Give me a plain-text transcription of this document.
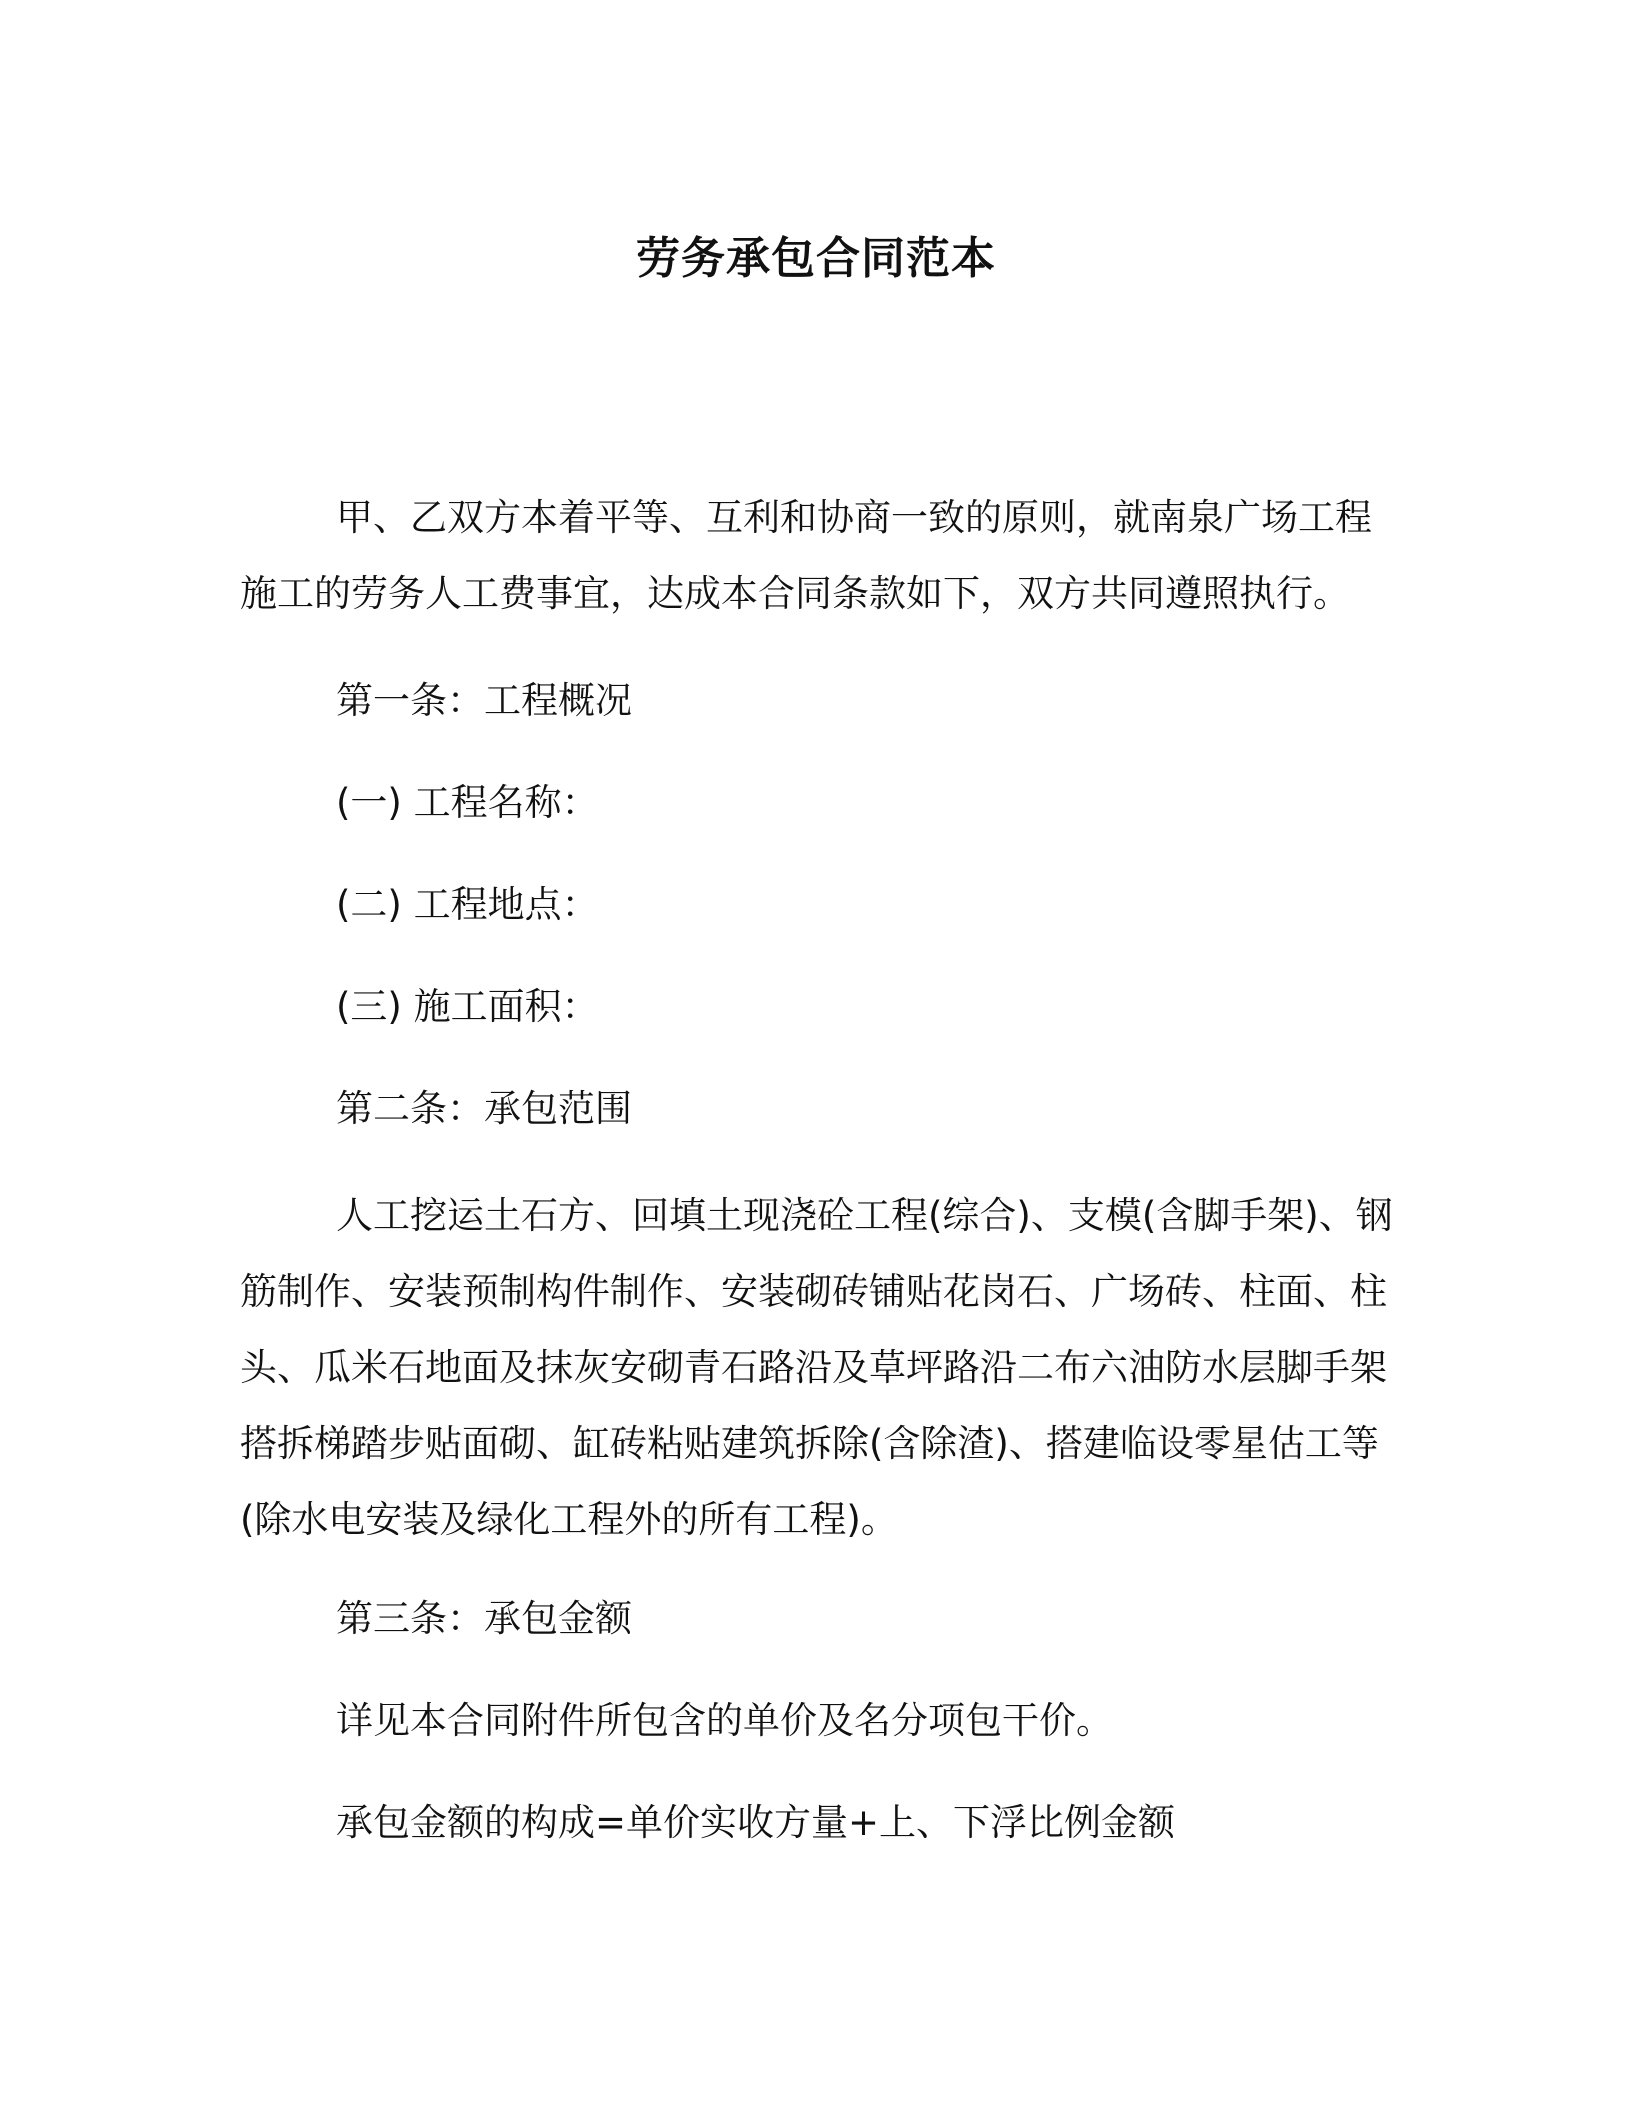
劳务承包合同范本

甲、乙双方本着平等、互利和协商一致的原则，就南泉广场工程施工的劳务人工费事宜，达成本合同条款如下，双方共同遵照执行。

第一条：工程概况
(一) 工程名称：
(二) 工程地点：
(三) 施工面积：
第二条：承包范围

人工挖运土石方、回填土现浇砼工程(综合)、支模(含脚手架)、钢筋制作、安装预制构件制作、安装砌砖铺贴花岗石、广场砖、柱面、柱头、瓜米石地面及抹灰安砌青石路沿及草坪路沿二布六油防水层脚手架搭拆梯踏步贴面砌、缸砖粘贴建筑拆除(含除渣)、搭建临设零星估工等(除水电安装及绿化工程外的所有工程)。

第三条：承包金额
详见本合同附件所包含的单价及名分项包干价。
承包金额的构成=单价实收方量+上、下浮比例金额
